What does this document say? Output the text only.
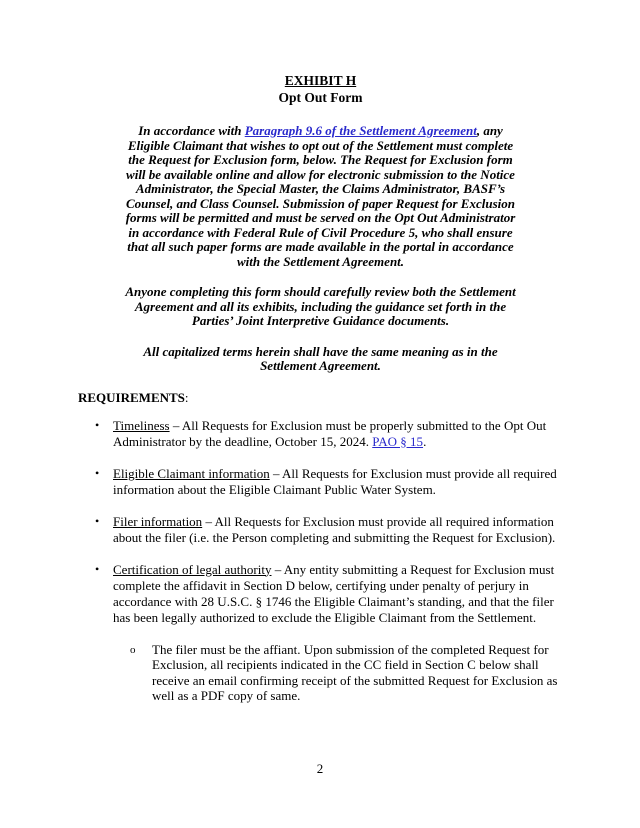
EXHIBIT H
Opt Out Form

In accordance with Paragraph 9.6 of the Settlement Agreement, any Eligible Claimant that wishes to opt out of the Settlement must complete the Request for Exclusion form, below. The Request for Exclusion form will be available online and allow for electronic submission to the Notice Administrator, the Special Master, the Claims Administrator, BASF’s Counsel, and Class Counsel. Submission of paper Request for Exclusion forms will be permitted and must be served on the Opt Out Administrator in accordance with Federal Rule of Civil Procedure 5, who shall ensure that all such paper forms are made available in the portal in accordance with the Settlement Agreement.

Anyone completing this form should carefully review both the Settlement Agreement and all its exhibits, including the guidance set forth in the Parties’ Joint Interpretive Guidance documents.

All capitalized terms herein shall have the same meaning as in the Settlement Agreement.

REQUIREMENTS:

• Timeliness – All Requests for Exclusion must be properly submitted to the Opt Out Administrator by the deadline, October 15, 2024. PAO § 15.
• Eligible Claimant information – All Requests for Exclusion must provide all required information about the Eligible Claimant Public Water System.
• Filer information – All Requests for Exclusion must provide all required information about the filer (i.e. the Person completing and submitting the Request for Exclusion).
• Certification of legal authority – Any entity submitting a Request for Exclusion must complete the affidavit in Section D below, certifying under penalty of perjury in accordance with 28 U.S.C. § 1746 the Eligible Claimant’s standing, and that the filer has been legally authorized to exclude the Eligible Claimant from the Settlement.
o The filer must be the affiant. Upon submission of the completed Request for Exclusion, all recipients indicated in the CC field in Section C below shall receive an email confirming receipt of the submitted Request for Exclusion as well as a PDF copy of same.
2
